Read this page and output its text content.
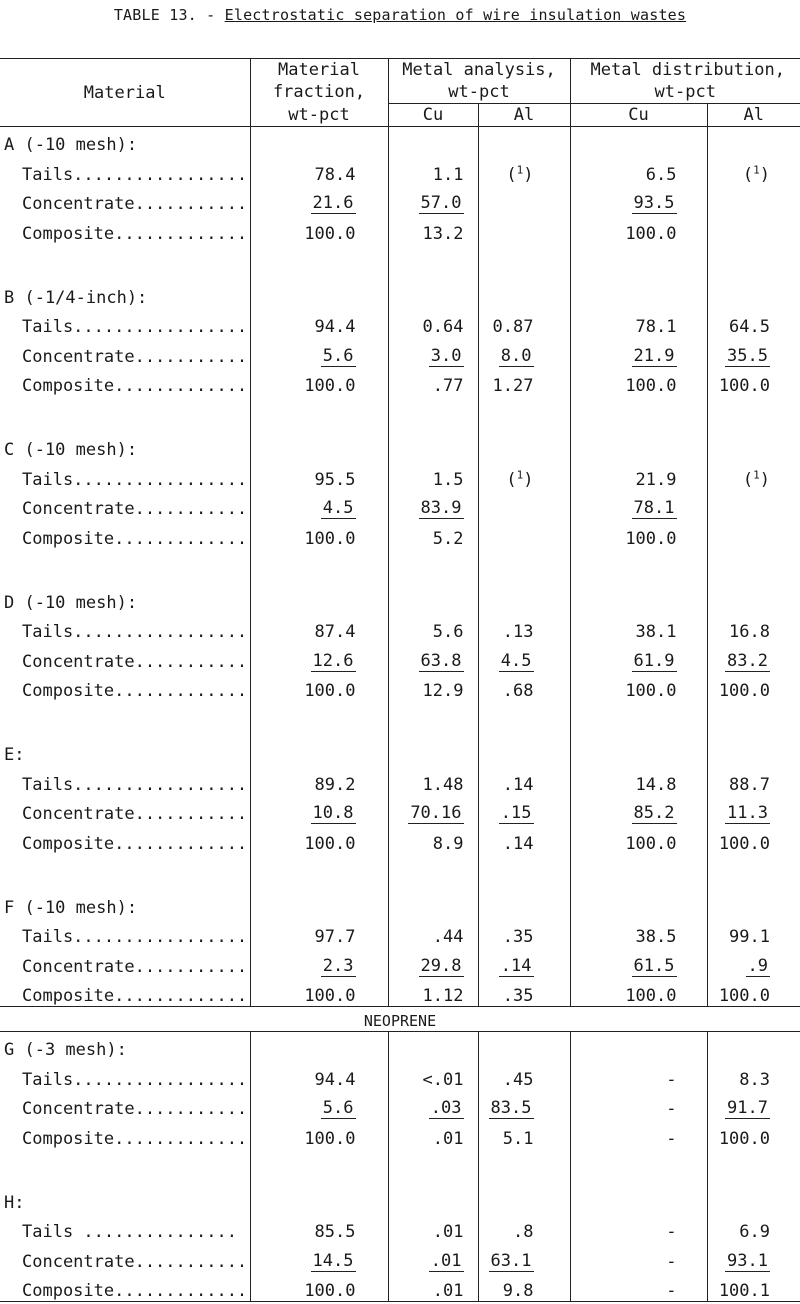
TABLE 13. - Electrostatic separation of wire insulation wastes
Material	Material	Metal analysis,		Metal distribution,	
	fraction,	wt-pct		wt-pct	
	wt-pct	Cu	Al	Cu	Al
A (-10 mesh):					
Tails.................	78.4	1.1	($^1$)	6.5	($^1$)
Concentrate...........	21.6	57.0		93.5	
Composite.............	100.0	13.2		100.0	

B (-1/4-inch):					
Tails.................	94.4	0.64	0.87	78.1	64.5
Concentrate...........	5.6	3.0	8.0	21.9	35.5
Composite.............	100.0	.77	1.27	100.0	100.0

C (-10 mesh):					
Tails.................	95.5	1.5	($^1$)	21.9	($^1$)
Concentrate...........	4.5	83.9		78.1	
Composite.............	100.0	5.2		100.0	

D (-10 mesh):					
Tails.................	87.4	5.6	.13	38.1	16.8
Concentrate...........	12.6	63.8	4.5	61.9	83.2
Composite.............	100.0	12.9	.68	100.0	100.0

E:					
Tails.................	89.2	1.48	.14	14.8	88.7
Concentrate...........	10.8	70.16	.15	85.2	11.3
Composite.............	100.0	8.9	.14	100.0	100.0

F (-10 mesh):					
Tails.................	97.7	.44	.35	38.5	99.1
Concentrate...........	2.3	29.8	.14	61.5	.9
Composite.............	100.0	1.12	.35	100.0	100.0
NEOPRENE					
G (-3 mesh):					
Tails.................	94.4	<.01	.45	-	8.3
Concentrate...........	5.6	.03	83.5	-	91.7
Composite.............	100.0	.01	5.1	-	100.0

H:					
Tails ...............	85.5	.01	.8	-	6.9
Concentrate...........	14.5	.01	63.1	-	93.1
Composite.............	100.0	.01	9.8	-	100.1
